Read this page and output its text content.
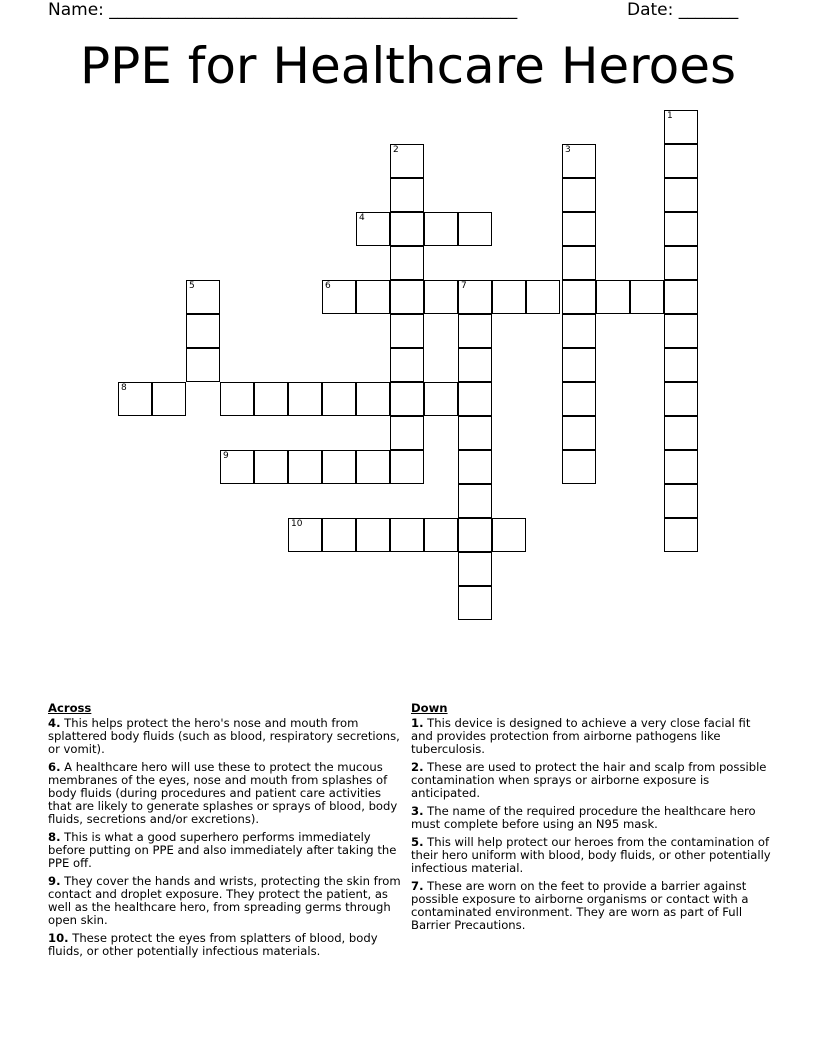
Name: ________________________________________________	Date: _______
PPE for Healthcare Heroes
1
2	3
4
5	6	7
8
9
10
Across
4. This helps protect the hero's nose and mouth from splattered body fluids (such as blood, respiratory secretions, or vomit).
6. A healthcare hero will use these to protect the mucous membranes of the eyes, nose and mouth from splashes of body fluids (during procedures and patient care activities that are likely to generate splashes or sprays of blood, body fluids, secretions and/or excretions).
8. This is what a good superhero performs immediately before putting on PPE and also immediately after taking the PPE off.
9. They cover the hands and wrists, protecting the skin from contact and droplet exposure. They protect the patient, as well as the healthcare hero, from spreading germs through open skin.
10. These protect the eyes from splatters of blood, body fluids, or other potentially infectious materials.
Down
1. This device is designed to achieve a very close facial fit and provides protection from airborne pathogens like tuberculosis.
2. These are used to protect the hair and scalp from possible contamination when sprays or airborne exposure is anticipated.
3. The name of the required procedure the healthcare hero must complete before using an N95 mask.
5. This will help protect our heroes from the contamination of their hero uniform with blood, body fluids, or other potentially infectious material.
7. These are worn on the feet to provide a barrier against possible exposure to airborne organisms or contact with a contaminated environment. They are worn as part of Full Barrier Precautions.
